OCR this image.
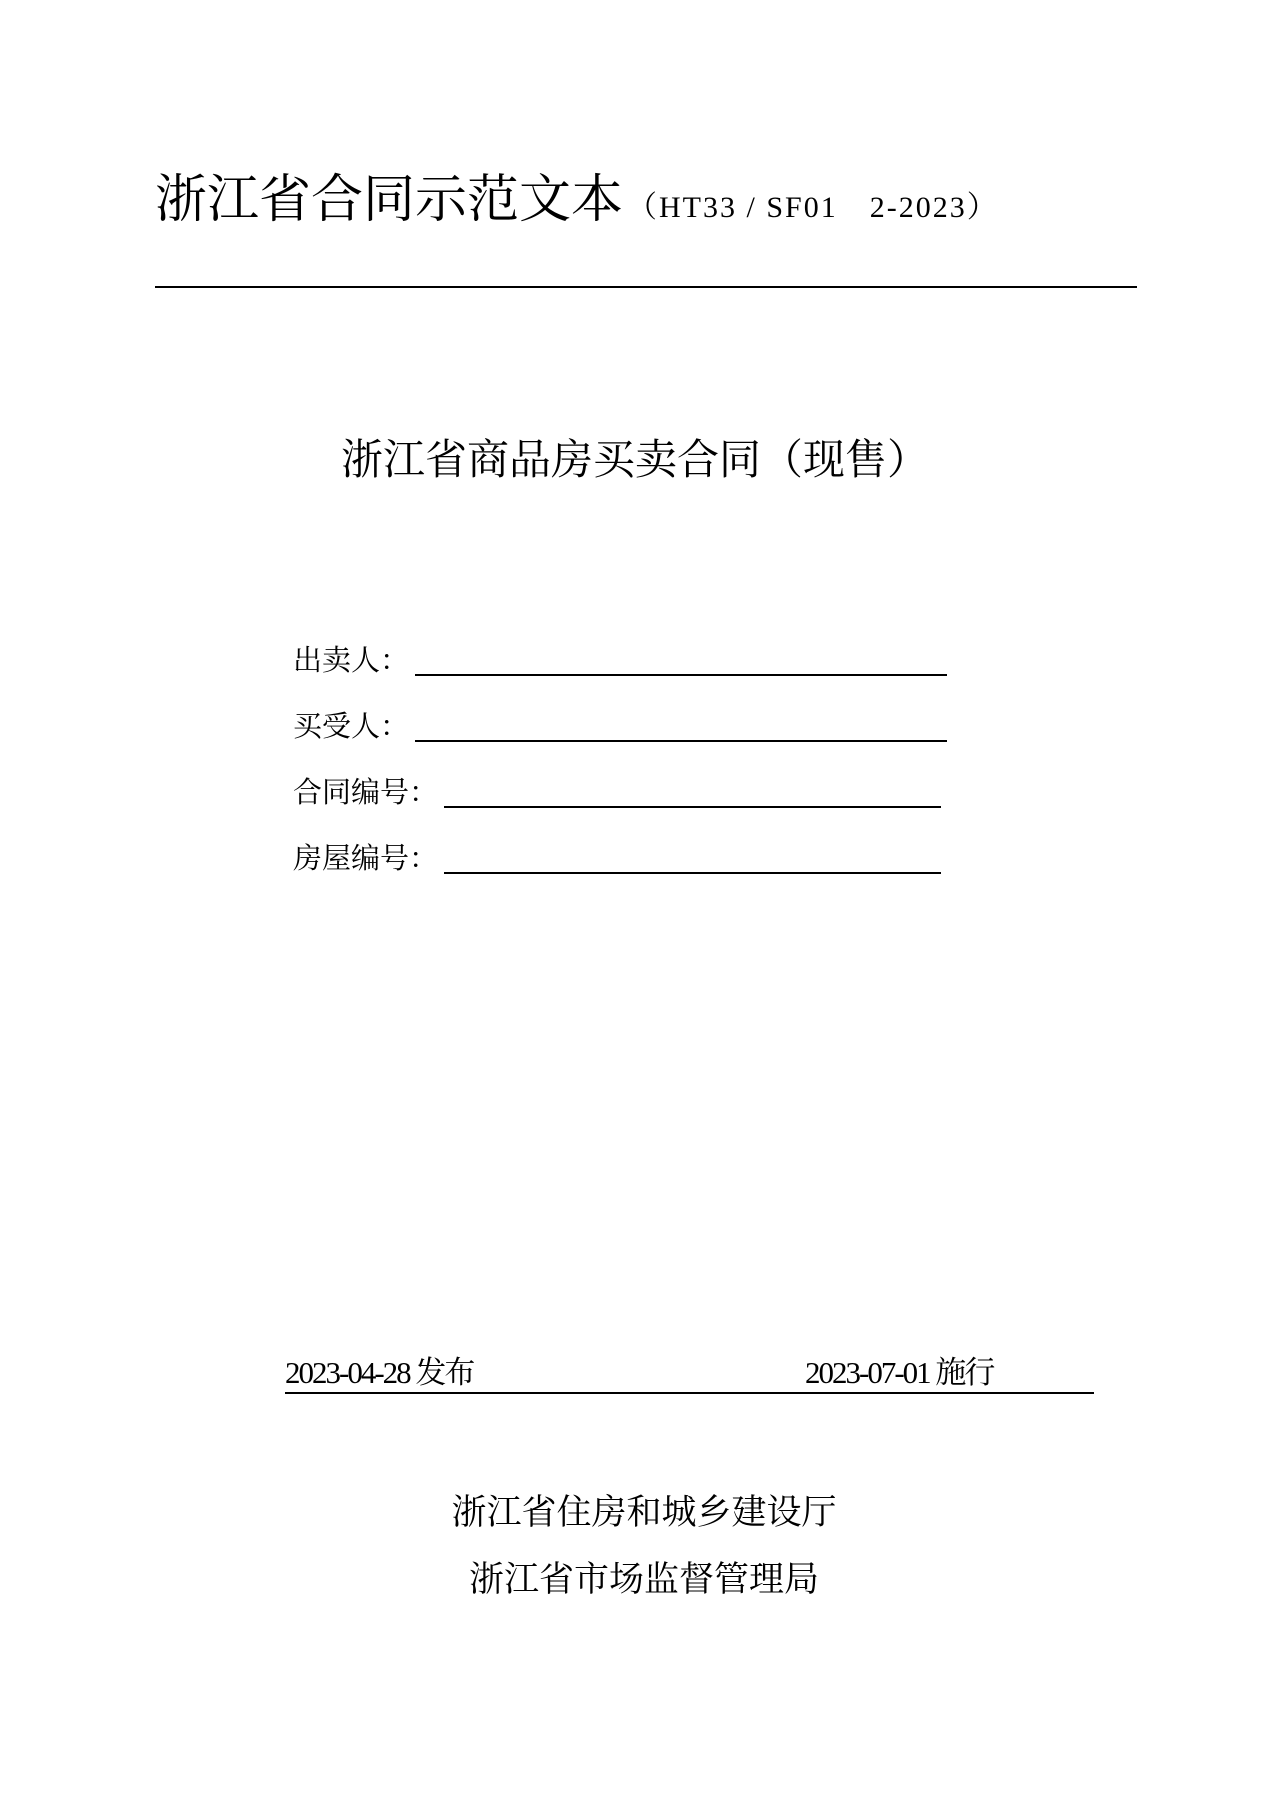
浙江省合同示范文本 （HT33 / SF01　2-2023）
浙江省商品房买卖合同（现售）
出卖人：
买受人：
合同编号：
房屋编号：
2023-04-28 发布	2023-07-01 施行
浙江省住房和城乡建设厅
浙江省市场监督管理局
